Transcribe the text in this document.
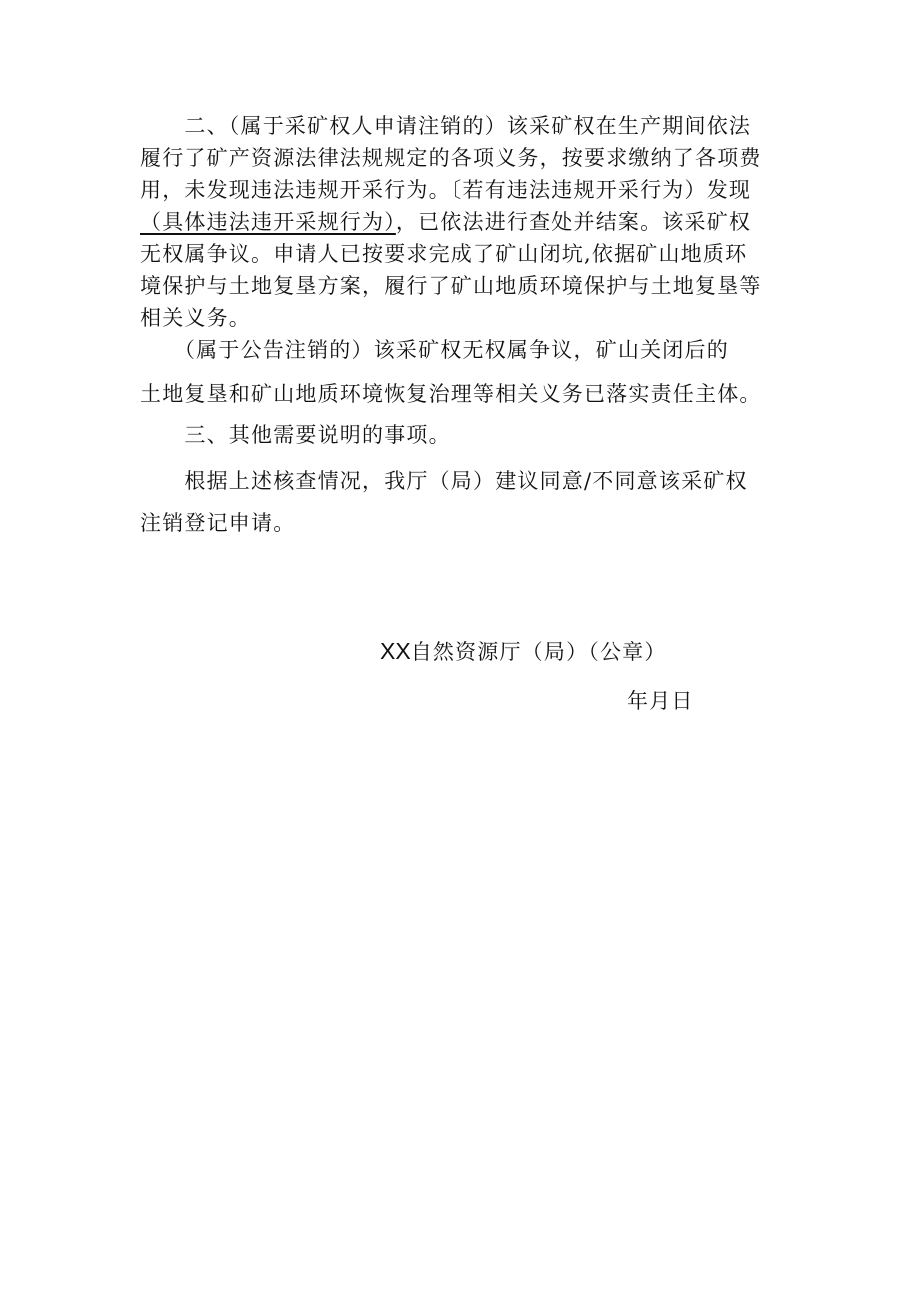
　　二、（属于采矿权人申请注销的）该采矿权在生产期间依法
履行了矿产资源法律法规规定的各项义务，按要求缴纳了各项费
用，未发现违法违规开采行为。〔若有违法违规开采行为）发现
（具体违法违开采规行为），已依法进行查处并结案。该采矿权
无权属争议。申请人已按要求完成了矿山闭坑,依据矿山地质环
境保护与土地复垦方案，履行了矿山地质环境保护与土地复垦等
相关义务。

　　（属于公告注销的）该采矿权无权属争议，矿山关闭后的
土地复垦和矿山地质环境恢复治理等相关义务已落实责任主体。

　　三、其他需要说明的事项。

　　根据上述核查情况，我厅（局）建议同意/不同意该采矿权
注销登记申请。

XX自然资源厅（局）（公章）
年月日
